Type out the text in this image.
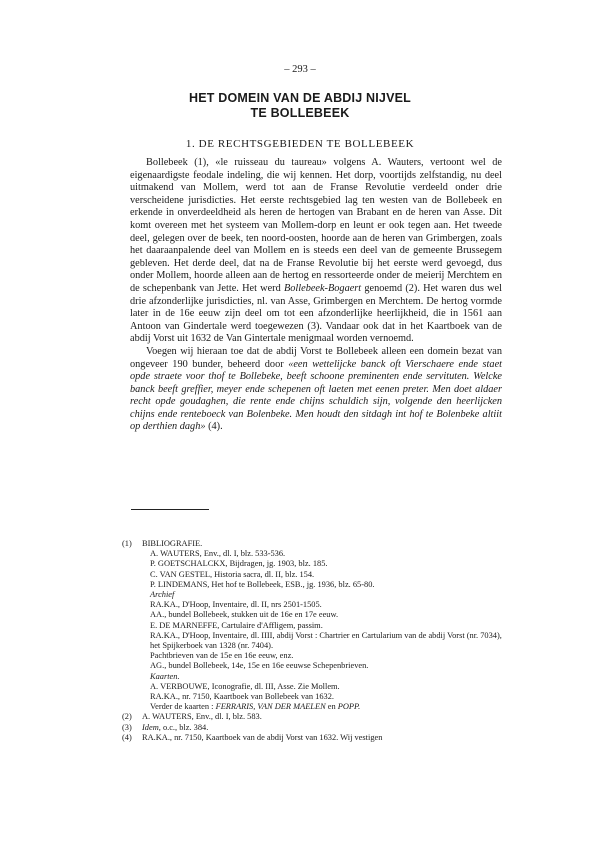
– 293 –
HET DOMEIN VAN DE ABDIJ NIJVEL
TE BOLLEBEEK
1. DE RECHTSGEBIEDEN TE BOLLEBEEK

Bollebeek (1), «le ruisseau du taureau» volgens A. Wauters, vertoont wel de eigenaardigste feodale indeling, die wij kennen. Het dorp, voortijds zelfstandig, nu deel uitmakend van Mollem, werd tot aan de Franse Revolutie verdeeld onder drie verscheidene jurisdicties. Het eerste rechtsgebied lag ten westen van de Bollebeek en erkende in onverdeeldheid als heren de hertogen van Brabant en de heren van Asse. Dit komt overeen met het systeem van Mollem-dorp en leunt er ook tegen aan. Het tweede deel, gelegen over de beek, ten noord-oosten, hoorde aan de heren van Grimbergen, zoals het daaraanpalende deel van Mollem en is steeds een deel van de gemeente Brussegem gebleven. Het derde deel, dat na de Franse Revolutie bij het eerste werd gevoegd, dus onder Mollem, hoorde alleen aan de hertog en ressorteerde onder de meierij Merchtem en de schepenbank van Jette. Het werd Bollebeek-Bogaert genoemd (2). Het waren dus wel drie afzonderlijke jurisdicties, nl. van Asse, Grimbergen en Merchtem. De hertog vormde later in de 16e eeuw zijn deel om tot een afzonderlijke heerlijkheid, die in 1561 aan Antoon van Gindertale werd toegewezen (3). Vandaar ook dat in het Kaartboek van de abdij Vorst uit 1632 de Van Gintertale menigmaal worden vernoemd.

Voegen wij hieraan toe dat de abdij Vorst te Bollebeek alleen een domein bezat van ongeveer 190 bunder, beheerd door «een wettelijcke banck oft Vierschaere ende staet opde straete voor thof te Bollebeke, beeft schoone preminenten ende servituten. Welcke banck beeft greffier, meyer ende schepenen oft laeten met eenen preter. Men doet aldaer recht opde goudaghen, die rente ende chijns schuldich sijn, volgende den heerlijcken chijns ende renteboeck van Bolenbeke. Men houdt den sitdagh int hof te Bolenbeke altiit op derthien dagh» (4).

(1)	BIBLIOGRAFIE.
A. WAUTERS, Env., dl. I, blz. 533-536.
P. GOETSCHALCKX, Bijdragen, jg. 1903, blz. 185.
C. VAN GESTEL, Historia sacra, dl. II, blz. 154.
P. LINDEMANS, Het hof te Bollebeek, ESB., jg. 1936, blz. 65-80.
Archief
RA.KA., D'Hoop, Inventaire, dl. II, nrs 2501-1505.
AA., bundel Bollebeek, stukken uit de 16e en 17e eeuw.
E. DE MARNEFFE, Cartulaire d'Affligem, passim.
RA.KA., D'Hoop, Inventaire, dl. IIII, abdij Vorst : Chartrier en Cartularium van de abdij Vorst (nr. 7034), het Spijkerboek van 1328 (nr. 7404).
Pachtbrieven van de 15e en 16e eeuw, enz.
AG., bundel Bollebeek, 14e, 15e en 16e eeuwse Schepenbrieven.
Kaarten.
A. VERBOUWE, Iconografie, dl. III, Asse. Zie Mollem.
RA.KA., nr. 7150, Kaartboek van Bollebeek van 1632.
Verder de kaarten : FERRARIS, VAN DER MAELEN en POPP.
(2)	A. WAUTERS, Env., dl. I, blz. 583.
(3)	Idem, o.c., blz. 384.
(4)	RA.KA., nr. 7150, Kaartboek van de abdij Vorst van 1632. Wij vestigen
